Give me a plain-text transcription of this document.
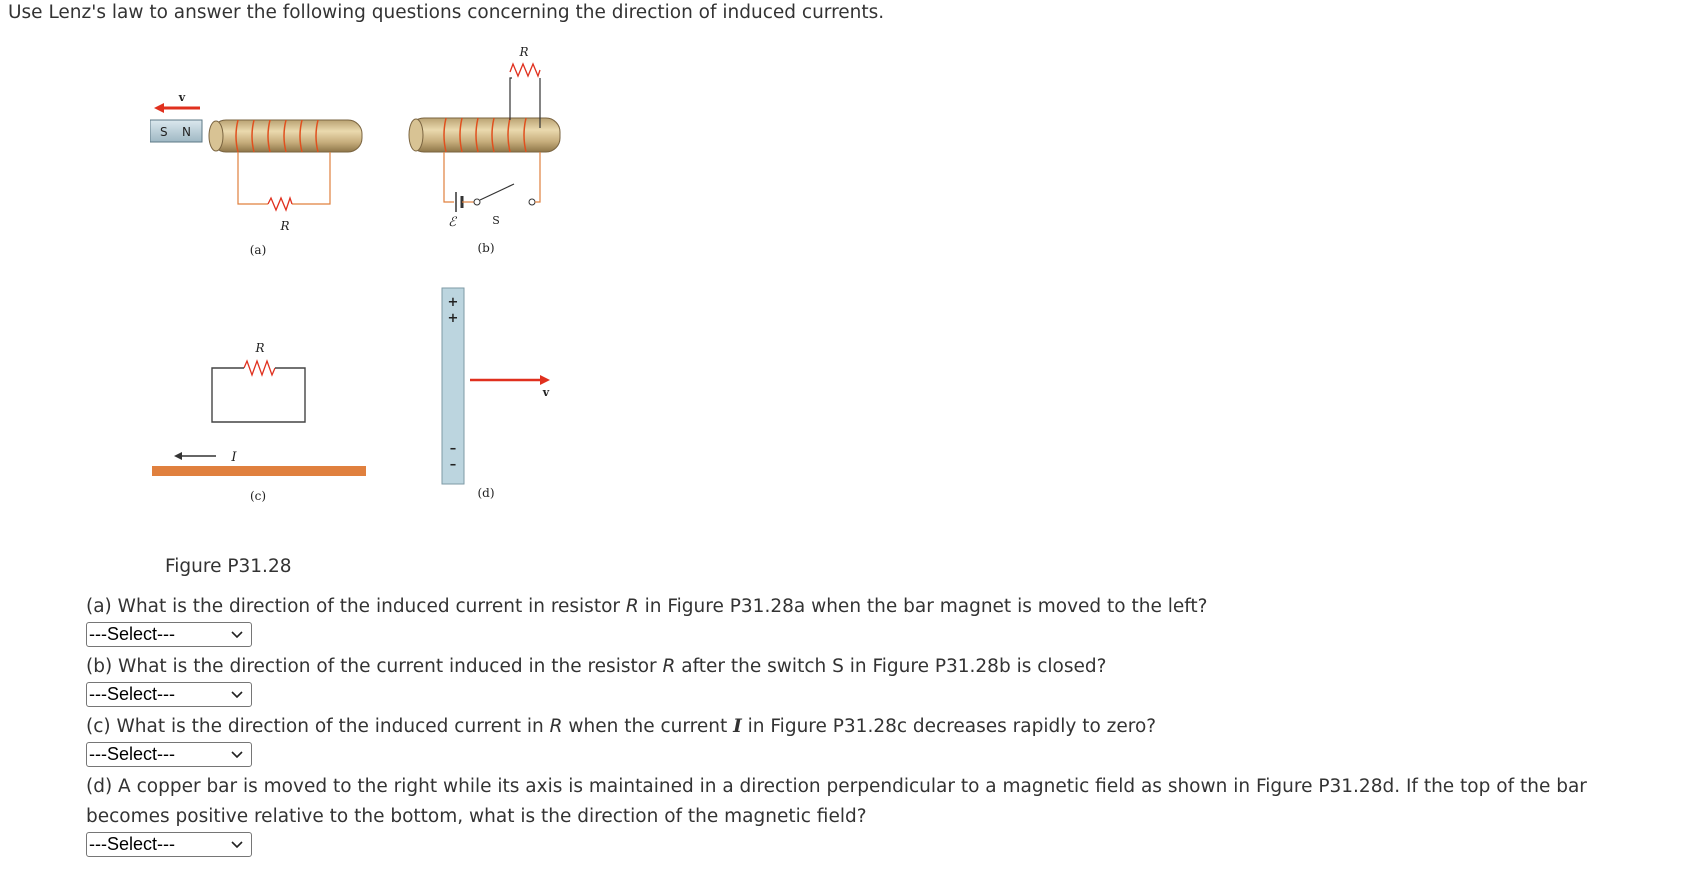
Use Lenz's law to answer the following questions concerning the direction of induced currents.

v
S N
R
(a)
R
ℰ	S
(b)
R
I
(c)
+
+
–
–
v
(d)
Figure P31.28

(a) What is the direction of the induced current in resistor R in Figure P31.28a when the bar magnet is moved to the left?

---Select---

(b) What is the direction of the current induced in the resistor R after the switch S in Figure P31.28b is closed?

---Select---

(c) What is the direction of the induced current in R when the current I in Figure P31.28c decreases rapidly to zero?

---Select---

(d) A copper bar is moved to the right while its axis is maintained in a direction perpendicular to a magnetic field as shown in Figure P31.28d. If the top of the bar

becomes positive relative to the bottom, what is the direction of the magnetic field?

---Select---
